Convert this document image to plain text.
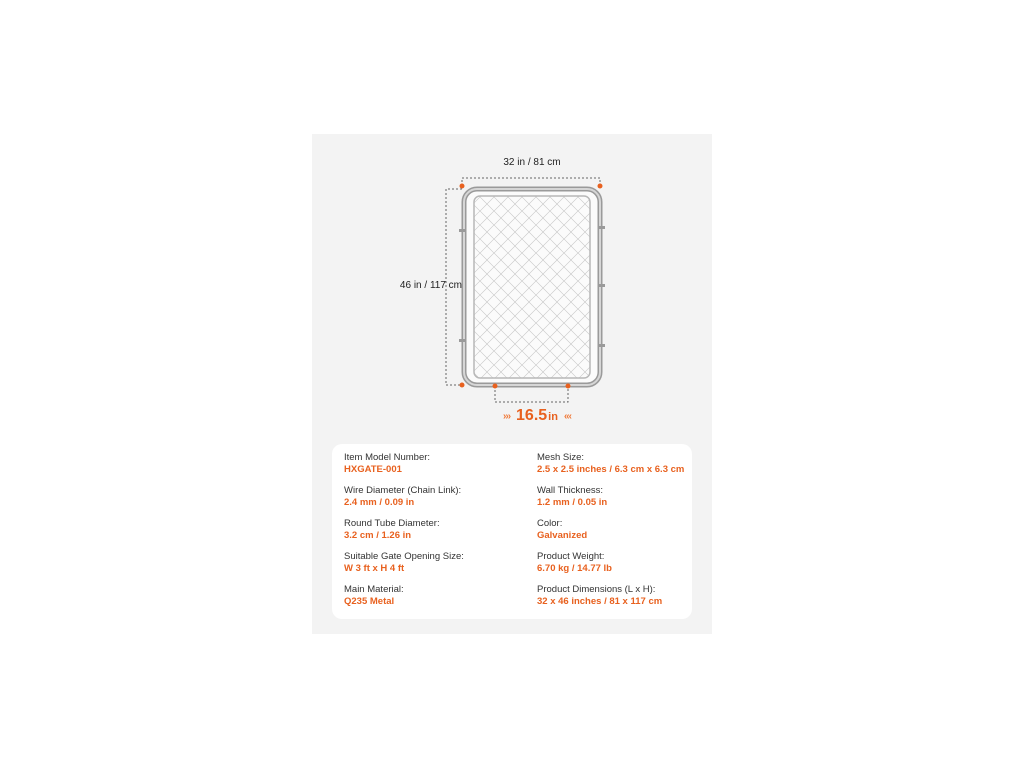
32 in / 81 cm
46 in / 117 cm
››› 16.5in ‹‹‹
Item Model Number:
HXGATE-001
Wire Diameter (Chain Link):
2.4 mm / 0.09 in
Round Tube Diameter:
3.2 cm / 1.26 in
Suitable Gate Opening Size:
W 3 ft x H 4 ft
Main Material:
Q235 Metal
Mesh Size:
2.5 x 2.5 inches / 6.3 cm x 6.3 cm
Wall Thickness:
1.2 mm / 0.05 in
Color:
Galvanized
Product Weight:
6.70 kg / 14.77 lb
Product Dimensions (L x H):
32 x 46 inches / 81 x 117 cm
